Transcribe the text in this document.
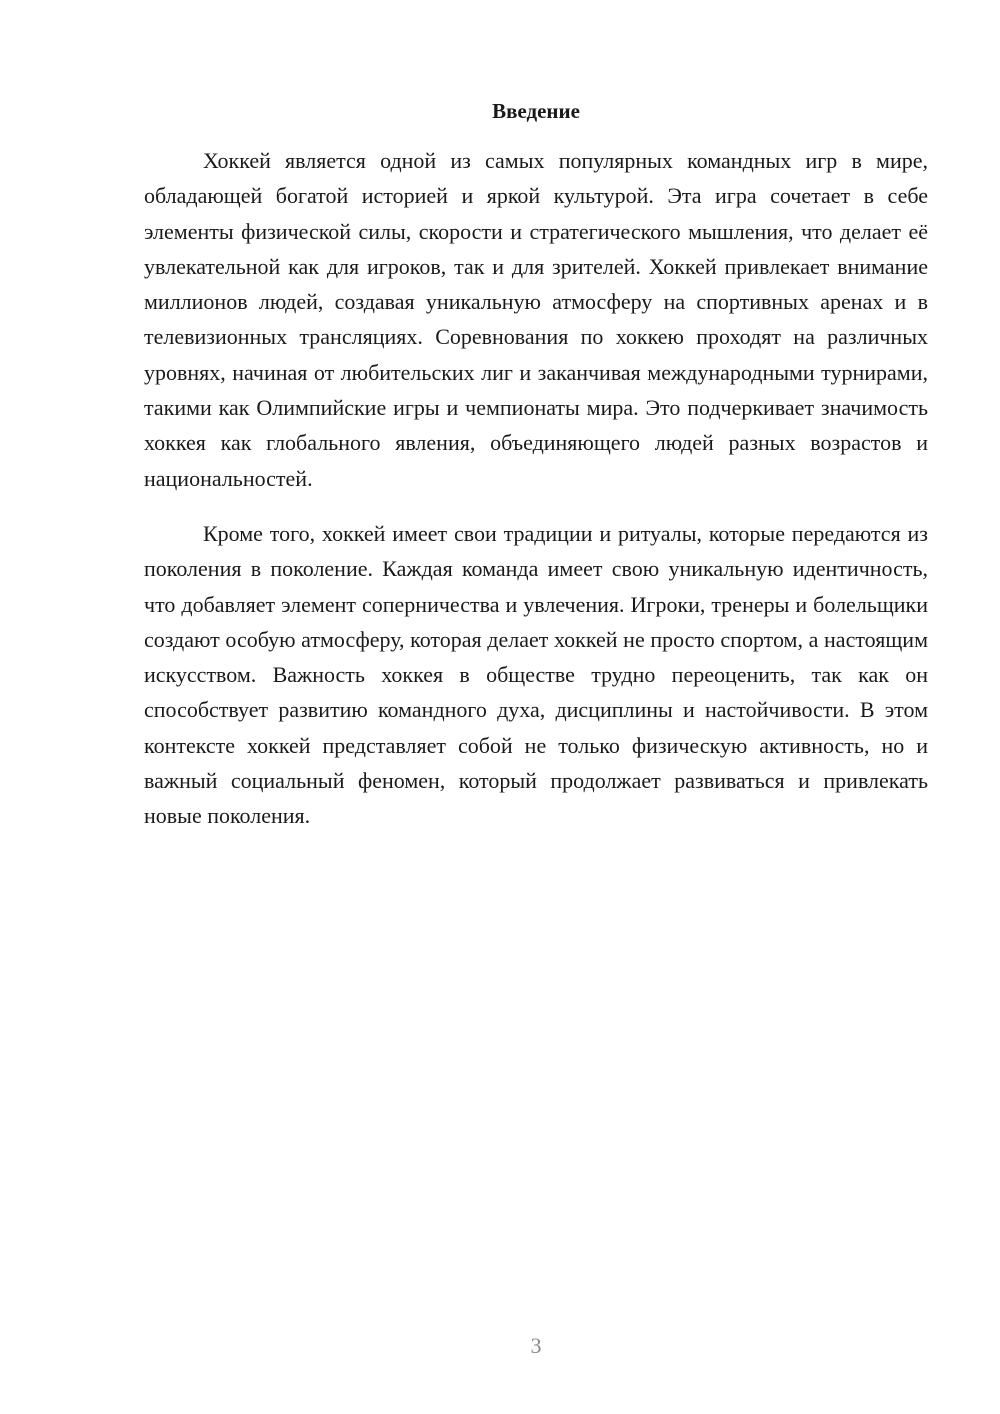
Введение

Хоккей является одной из самых популярных командных игр в мире, обладающей богатой историей и яркой культурой. Эта игра сочетает в себе элементы физической силы, скорости и стратегического мышления, что делает её увлекательной как для игроков, так и для зрителей. Хоккей привлекает внимание миллионов людей, создавая уникальную атмосферу на спортивных аренах и в телевизионных трансляциях. Соревнования по хоккею проходят на различных уровнях, начиная от любительских лиг и заканчивая международными турнирами, такими как Олимпийские игры и чемпионаты мира. Это подчеркивает значимость хоккея как глобального явления, объединяющего людей разных возрастов и национальностей.

Кроме того, хоккей имеет свои традиции и ритуалы, которые передаются из поколения в поколение. Каждая команда имеет свою уникальную идентичность, что добавляет элемент соперничества и увлечения. Игроки, тренеры и болельщики создают особую атмосферу, которая делает хоккей не просто спортом, а настоящим искусством. Важность хоккея в обществе трудно переоценить, так как он способствует развитию командного духа, дисциплины и настойчивости. В этом контексте хоккей представляет собой не только физическую активность, но и важный социальный феномен, который продолжает развиваться и привлекать новые поколения.

3
